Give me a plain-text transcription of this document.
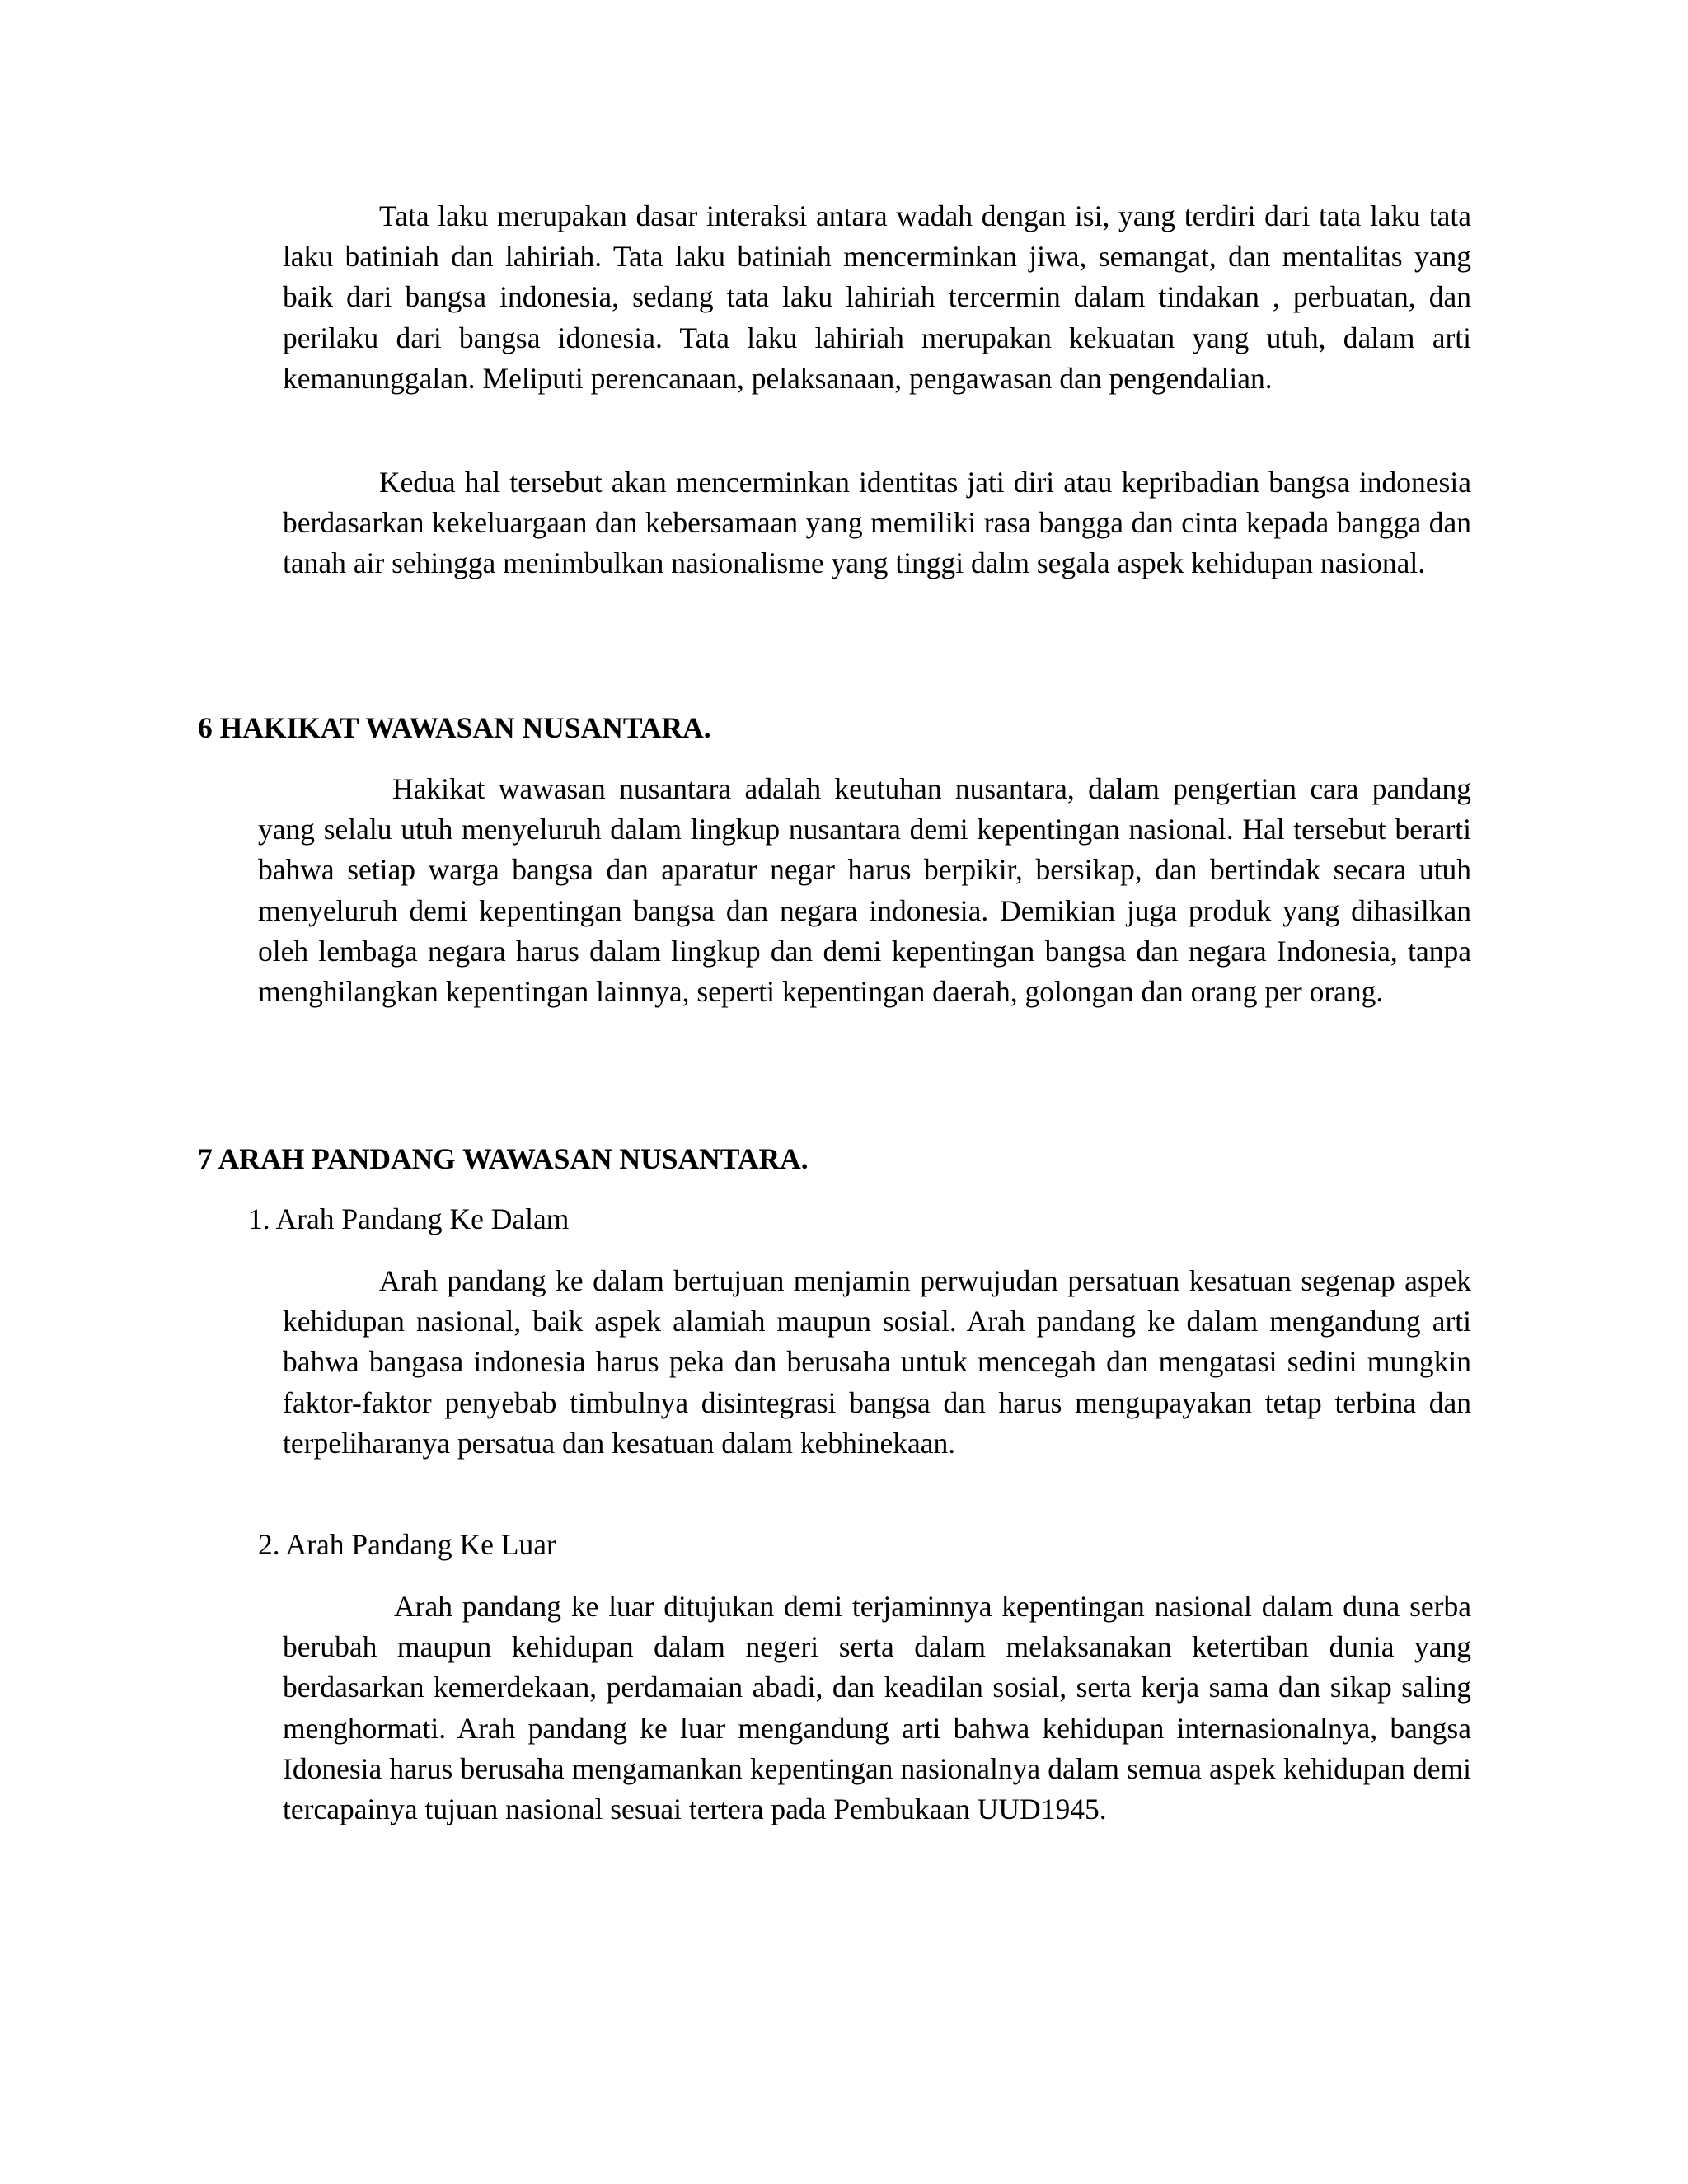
Tata laku merupakan dasar interaksi antara wadah dengan isi, yang terdiri dari tata laku tata laku batiniah dan lahiriah. Tata laku batiniah mencerminkan jiwa, semangat, dan mentalitas yang baik dari bangsa indonesia, sedang tata laku lahiriah tercermin dalam tindakan , perbuatan, dan perilaku dari bangsa idonesia. Tata laku lahiriah merupakan kekuatan yang utuh, dalam arti kemanunggalan. Meliputi perencanaan, pelaksanaan, pengawasan dan pengendalian.

Kedua hal tersebut akan mencerminkan identitas jati diri atau kepribadian bangsa indonesia berdasarkan kekeluargaan dan kebersamaan yang memiliki rasa bangga dan cinta kepada bangga dan tanah air sehingga menimbulkan nasionalisme yang tinggi dalm segala aspek kehidupan nasional.

6 HAKIKAT WAWASAN NUSANTARA.

Hakikat wawasan nusantara adalah keutuhan nusantara, dalam pengertian cara pandang yang selalu utuh menyeluruh dalam lingkup nusantara demi kepentingan nasional. Hal tersebut berarti bahwa setiap warga bangsa dan aparatur negar harus berpikir, bersikap, dan bertindak secara utuh menyeluruh demi kepentingan bangsa dan negara indonesia. Demikian juga produk yang dihasilkan oleh lembaga negara harus dalam lingkup dan demi kepentingan bangsa dan negara Indonesia, tanpa menghilangkan kepentingan lainnya, seperti kepentingan daerah, golongan dan orang per orang.

7 ARAH PANDANG WAWASAN NUSANTARA.
1. Arah Pandang Ke Dalam

Arah pandang ke dalam bertujuan menjamin perwujudan persatuan kesatuan segenap aspek kehidupan nasional, baik aspek alamiah maupun sosial. Arah pandang ke dalam mengandung arti bahwa bangasa indonesia harus peka dan berusaha untuk mencegah dan mengatasi sedini mungkin faktor-faktor penyebab timbulnya disintegrasi bangsa dan harus mengupayakan tetap terbina dan terpeliharanya persatua dan kesatuan dalam kebhinekaan.

2. Arah Pandang Ke Luar

Arah pandang ke luar ditujukan demi terjaminnya kepentingan nasional dalam duna serba berubah maupun kehidupan dalam negeri serta dalam melaksanakan ketertiban dunia yang berdasarkan kemerdekaan, perdamaian abadi, dan keadilan sosial, serta kerja sama dan sikap saling menghormati. Arah pandang ke luar mengandung arti bahwa kehidupan internasionalnya, bangsa Idonesia harus berusaha mengamankan kepentingan nasionalnya dalam semua aspek kehidupan demi tercapainya tujuan nasional sesuai tertera pada Pembukaan UUD1945.
